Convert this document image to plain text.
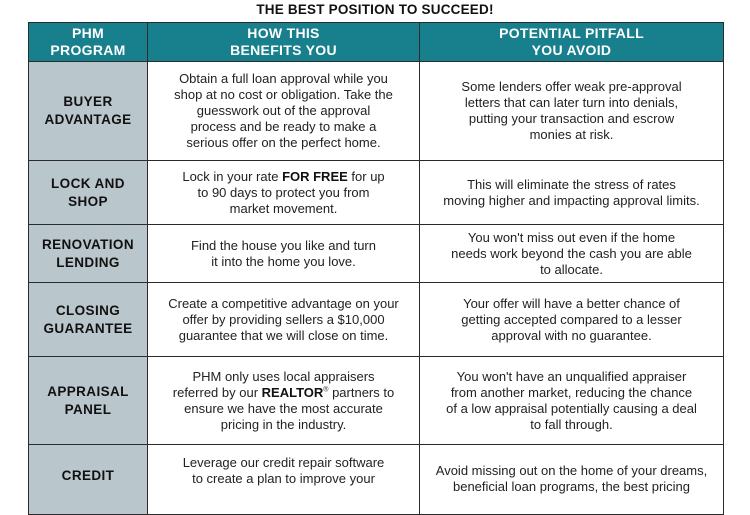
THE BEST POSITION TO SUCCEED!
PHM
PROGRAM	HOW THIS
BENEFITS YOU	POTENTIAL PITFALL
YOU AVOID

BUYER
ADVANTAGE	Obtain a full loan approval while you
shop at no cost or obligation. Take the
guesswork out of the approval
process and be ready to make a
serious offer on the perfect home.	Some lenders offer weak pre-approval
letters that can later turn into denials,
putting your transaction and escrow
monies at risk.

LOCK AND
SHOP	Lock in your rate FOR FREE for up
to 90 days to protect you from
market movement.	This will eliminate the stress of rates
moving higher and impacting approval limits.

RENOVATION
LENDING	Find the house you like and turn
it into the home you love.	You won't miss out even if the home
needs work beyond the cash you are able
to allocate.

CLOSING
GUARANTEE	Create a competitive advantage on your
offer by providing sellers a $10,000
guarantee that we will close on time.	Your offer will have a better chance of
getting accepted compared to a lesser
approval with no guarantee.

APPRAISAL
PANEL	PHM only uses local appraisers
referred by our REALTOR® partners to
ensure we have the most accurate
pricing in the industry.	You won't have an unqualified appraiser
from another market, reducing the chance
of a low appraisal potentially causing a deal
to fall through.

CREDIT	Leverage our credit repair software
to create a plan to improve your	Avoid missing out on the home of your dreams,
beneficial loan programs, the best pricing
